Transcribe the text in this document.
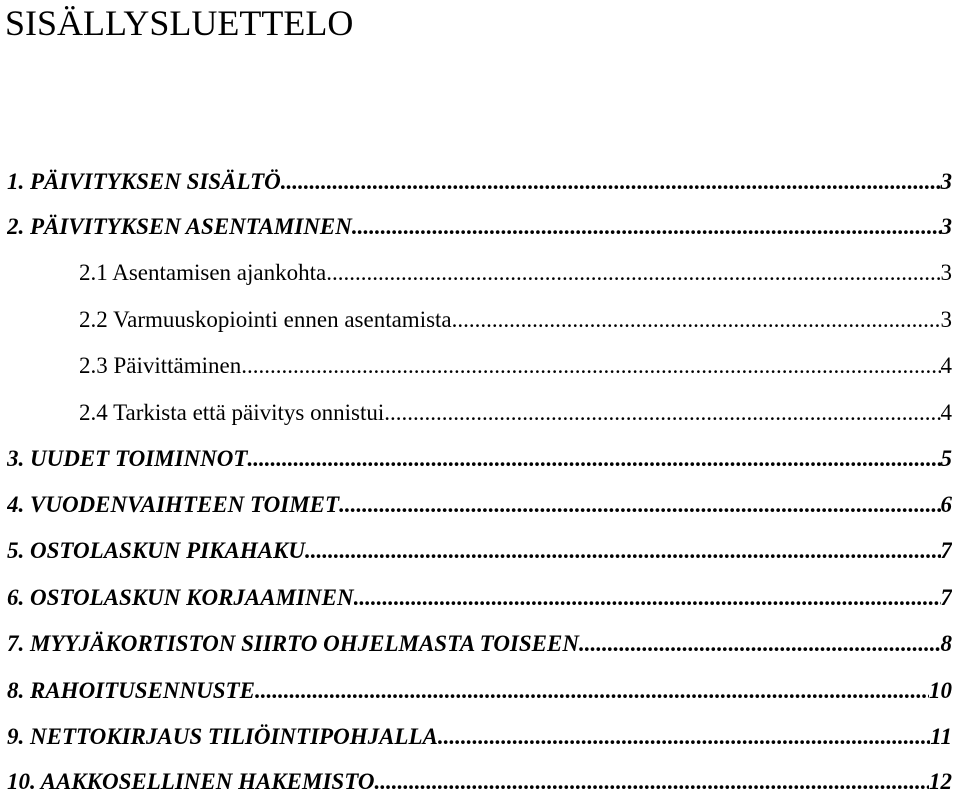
SISÄLLYSLUETTELO
1. PÄIVITYKSEN SISÄLTÖ .....	3
2. PÄIVITYKSEN ASENTAMINEN .....	3
2.1 Asentamisen ajankohta .....	3
2.2 Varmuuskopiointi ennen asentamista .....	3
2.3 Päivittäminen .....	4
2.4 Tarkista että päivitys onnistui .....	4
3. UUDET TOIMINNOT .....	5
4. VUODENVAIHTEEN TOIMET .....	6
5. OSTOLASKUN PIKAHAKU .....	7
6. OSTOLASKUN KORJAAMINEN .....	7
7. MYYJÄKORTISTON SIIRTO OHJELMASTA TOISEEN .....	8
8. RAHOITUSENNUSTE .....	10
9. NETTOKIRJAUS TILIÖINTIPOHJALLA .....	11
10. AAKKOSELLINEN HAKEMISTO .....	12
